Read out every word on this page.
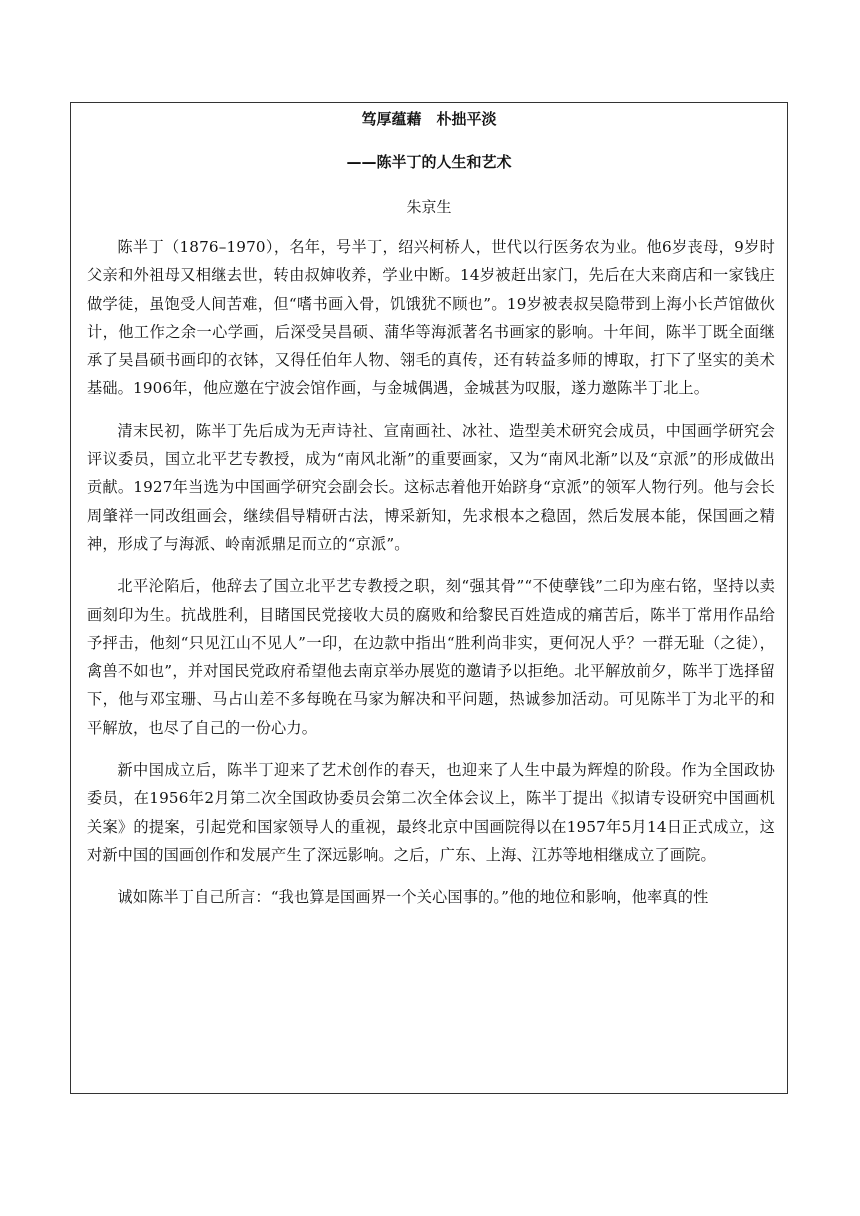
笃厚蕴藉　朴拙平淡
——陈半丁的人生和艺术

朱京生

陈半丁（1876–1970），名年，号半丁，绍兴柯桥人，世代以行医务农为业。他6岁丧母，9岁时父亲和外祖母又相继去世，转由叔婶收养，学业中断。14岁被赶出家门，先后在大来商店和一家钱庄做学徒，虽饱受人间苦难，但“嗜书画入骨，饥饿犹不顾也”。19岁被表叔吴隐带到上海小长芦馆做伙计，他工作之余一心学画，后深受吴昌硕、蒲华等海派著名书画家的影响。十年间，陈半丁既全面继承了吴昌硕书画印的衣钵，又得任伯年人物、翎毛的真传，还有转益多师的博取，打下了坚实的美术基础。1906年，他应邀在宁波会馆作画，与金城偶遇，金城甚为叹服，遂力邀陈半丁北上。

清末民初，陈半丁先后成为无声诗社、宣南画社、冰社、造型美术研究会成员，中国画学研究会评议委员，国立北平艺专教授，成为“南风北渐”的重要画家，又为“南风北渐”以及“京派”的形成做出贡献。1927年当选为中国画学研究会副会长。这标志着他开始跻身“京派”的领军人物行列。他与会长周肇祥一同改组画会，继续倡导精研古法，博采新知，先求根本之稳固，然后发展本能，保国画之精神，形成了与海派、岭南派鼎足而立的“京派”。

北平沦陷后，他辞去了国立北平艺专教授之职，刻“强其骨”“不使孽钱”二印为座右铭，坚持以卖画刻印为生。抗战胜利，目睹国民党接收大员的腐败和给黎民百姓造成的痛苦后，陈半丁常用作品给予抨击，他刻“只见江山不见人”一印，在边款中指出“胜利尚非实，更何况人乎？一群无耻（之徒），禽兽不如也”，并对国民党政府希望他去南京举办展览的邀请予以拒绝。北平解放前夕，陈半丁选择留下，他与邓宝珊、马占山差不多每晚在马家为解决和平问题，热诚参加活动。可见陈半丁为北平的和平解放，也尽了自己的一份心力。

新中国成立后，陈半丁迎来了艺术创作的春天，也迎来了人生中最为辉煌的阶段。作为全国政协委员，在1956年2月第二次全国政协委员会第二次全体会议上，陈半丁提出《拟请专设研究中国画机关案》的提案，引起党和国家领导人的重视，最终北京中国画院得以在1957年5月14日正式成立，这对新中国的国画创作和发展产生了深远影响。之后，广东、上海、江苏等地相继成立了画院。

诚如陈半丁自己所言：“我也算是国画界一个关心国事的。”他的地位和影响，他率真的性
